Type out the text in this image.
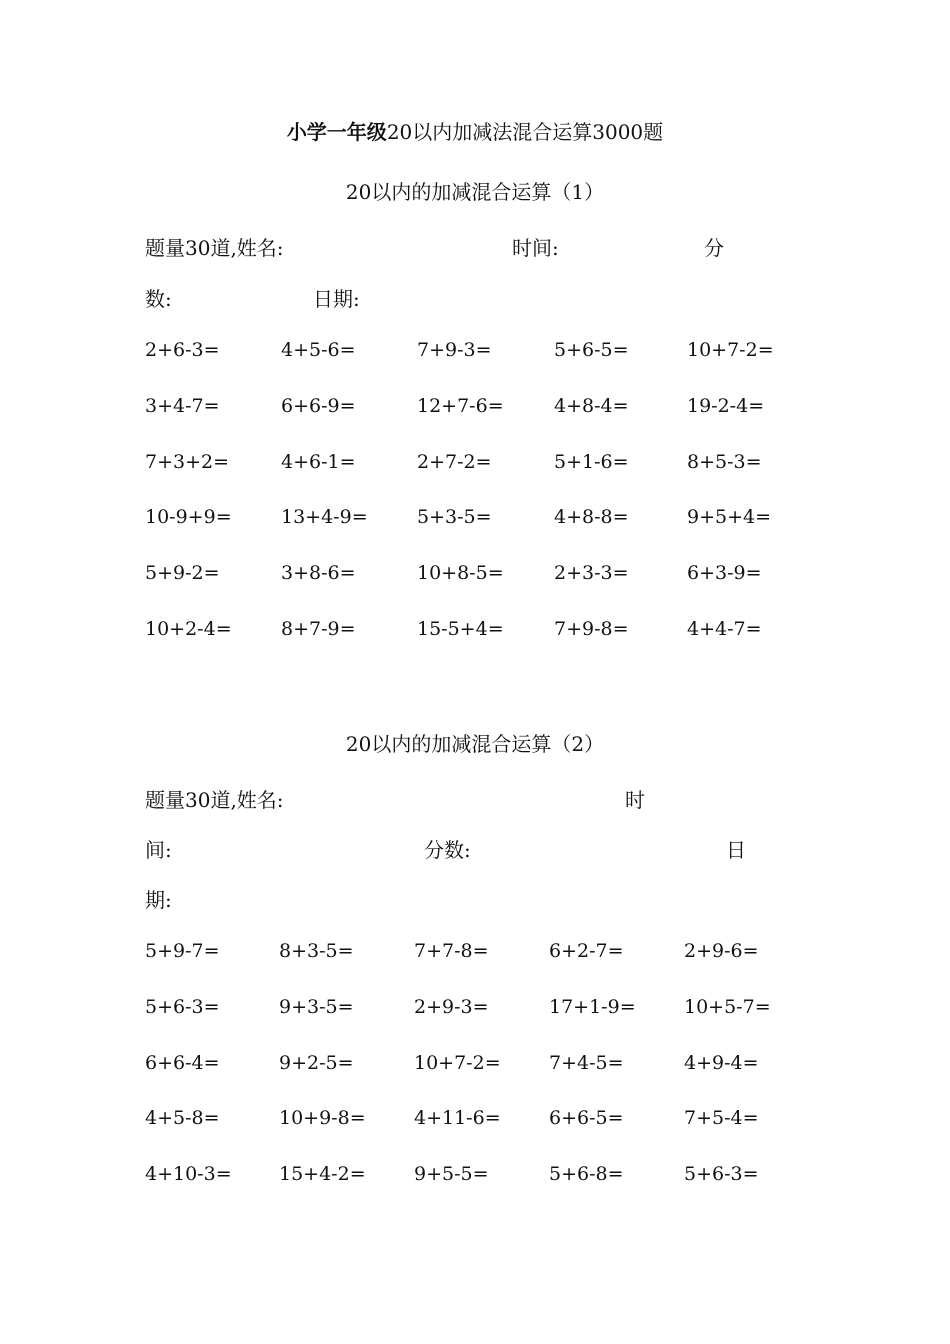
小学一年级20以内加减法混合运算3000题
20以内的加减混合运算（1）
题量30道,姓名:	时间:	分
数:	日期:
2+6-3=	4+5-6=	7+9-3=	5+6-5=	10+7-2=
3+4-7=	6+6-9=	12+7-6=	4+8-4=	19-2-4=
7+3+2=	4+6-1=	2+7-2=	5+1-6=	8+5-3=
10-9+9=	13+4-9=	5+3-5=	4+8-8=	9+5+4=
5+9-2=	3+8-6=	10+8-5=	2+3-3=	6+3-9=
10+2-4=	8+7-9=	15-5+4=	7+9-8=	4+4-7=
20以内的加减混合运算（2）
题量30道,姓名:	时
间:	分数:	日
期:
5+9-7=	8+3-5=	7+7-8=	6+2-7=	2+9-6=
5+6-3=	9+3-5=	2+9-3=	17+1-9=	10+5-7=
6+6-4=	9+2-5=	10+7-2=	7+4-5=	4+9-4=
4+5-8=	10+9-8=	4+11-6=	6+6-5=	7+5-4=
4+10-3= 15+4-2=	9+5-5=	5+6-8=	5+6-3=
